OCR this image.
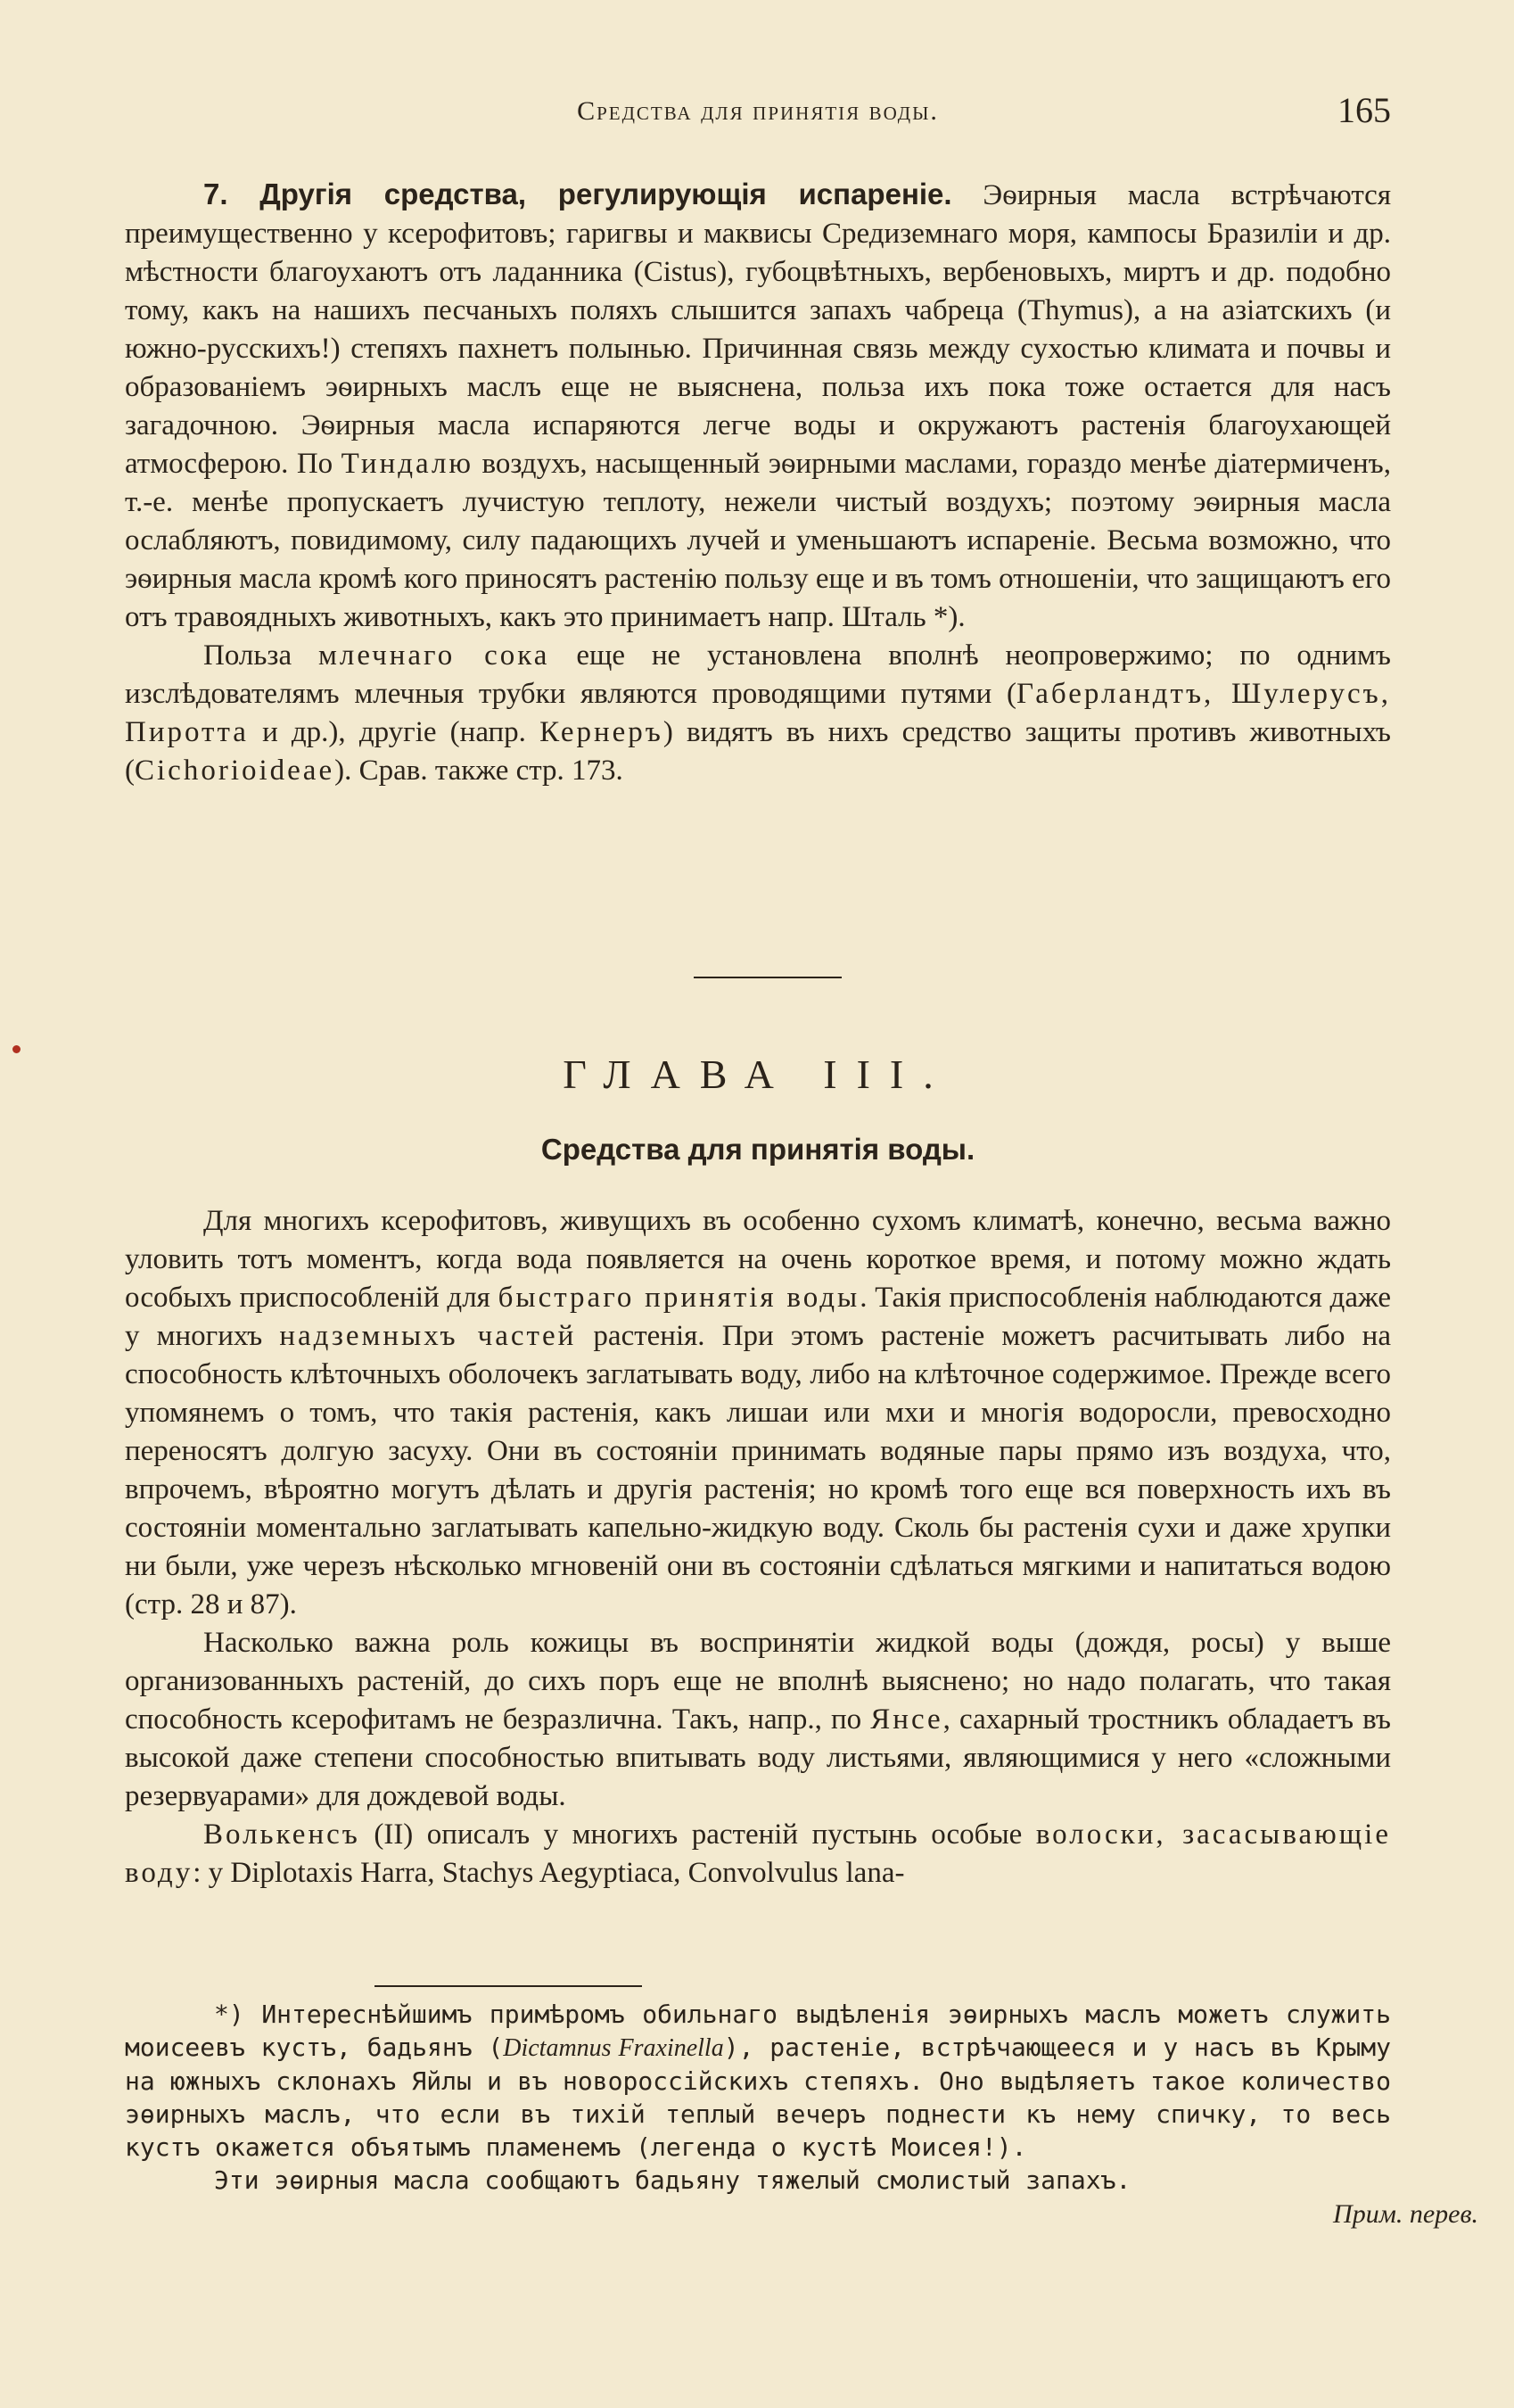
Средства для принятія воды.	165

7. Другія средства, регулирующія испареніе. Эѳирныя масла встрѣчаются преимущественно у ксерофитовъ; гаригвы и маквисы Средиземнаго моря, кампосы Бразиліи и др. мѣстности благоухаютъ отъ ладанника (Cistus), губоцвѣтныхъ, вербеновыхъ, миртъ и др. подобно тому, какъ на нашихъ песчаныхъ поляхъ слышится запахъ чабреца (Thymus), а на азіатскихъ (и южно-русскихъ!) степяхъ пахнетъ полынью. Причинная связь между сухостью климата и почвы и образованіемъ эѳирныхъ маслъ еще не выяснена, польза ихъ пока тоже остается для насъ загадочною. Эѳирныя масла испаряются легче воды и окружаютъ растенія благоухающей атмосферою. По Тиндалю воздухъ, насыщенный эѳирными маслами, гораздо менѣе діатермиченъ, т.-е. менѣе пропускаетъ лучистую теплоту, нежели чистый воздухъ; поэтому эѳирныя масла ослабляютъ, повидимому, силу падающихъ лучей и уменьшаютъ испареніе. Весьма возможно, что эѳирныя масла кромѣ кого приносятъ растенію пользу еще и въ томъ отношеніи, что защищаютъ его отъ травоядныхъ животныхъ, какъ это принимаетъ напр. Шталь *).

Польза млечнаго сока еще не установлена вполнѣ неопровержимо; по однимъ изслѣдователямъ млечныя трубки являются проводящими путями (Габерландтъ, Шулерусъ, Пиротта и др.), другіе (напр. Кернеръ) видятъ въ нихъ средство защиты противъ животныхъ (Cichorioideae). Срав. также стр. 173.

ГЛАВА III.
Средства для принятія воды.

Для многихъ ксерофитовъ, живущихъ въ особенно сухомъ климатѣ, конечно, весьма важно уловить тотъ моментъ, когда вода появляется на очень короткое время, и потому можно ждать особыхъ приспособленій для быстраго принятія воды. Такія приспособленія наблюдаются даже у многихъ надземныхъ частей растенія. При этомъ растеніе можетъ расчитывать либо на способность клѣточныхъ оболочекъ заглатывать воду, либо на клѣточное содержимое. Прежде всего упомянемъ о томъ, что такія растенія, какъ лишаи или мхи и многія водоросли, превосходно переносятъ долгую засуху. Они въ состояніи принимать водяные пары прямо изъ воздуха, что, впрочемъ, вѣроятно могутъ дѣлать и другія растенія; но кромѣ того еще вся поверхность ихъ въ состояніи моментально заглатывать капельно-жидкую воду. Сколь бы растенія сухи и даже хрупки ни были, уже черезъ нѣсколько мгновеній они въ состояніи сдѣлаться мягкими и напитаться водою (стр. 28 и 87).

Насколько важна роль кожицы въ воспринятіи жидкой воды (дождя, росы) у выше организованныхъ растеній, до сихъ поръ еще не вполнѣ выяснено; но надо полагать, что такая способность ксерофитамъ не безразлична. Такъ, напр., по Янсе, сахарный тростникъ обладаетъ въ высокой даже степени способностью впитывать воду листьями, являющимися у него «сложными резервуарами» для дождевой воды.

Волькенсъ (II) описалъ у многихъ растеній пустынь особые волоски, засасывающіе воду: у Diplotaxis Harra, Stachys Aegyptiaca, Convolvulus lana-

*) Интереснѣйшимъ примѣромъ обильнаго выдѣленія эѳирныхъ маслъ можетъ служить моисеевъ кустъ, бадьянъ (Dictamnus Fraxinella), растеніе, встрѣчающееся и у насъ въ Крыму на южныхъ склонахъ Яйлы и въ новороссійскихъ степяхъ. Оно выдѣляетъ такое количество эѳирныхъ маслъ, что если въ тихій теплый вечеръ поднести къ нему спичку, то весь кустъ окажется объятымъ пламенемъ (легенда о кустѣ Моисея!).

Эти эѳирныя масла сообщаютъ бадьяну тяжелый смолистый запахъ.

Прим. перев.
